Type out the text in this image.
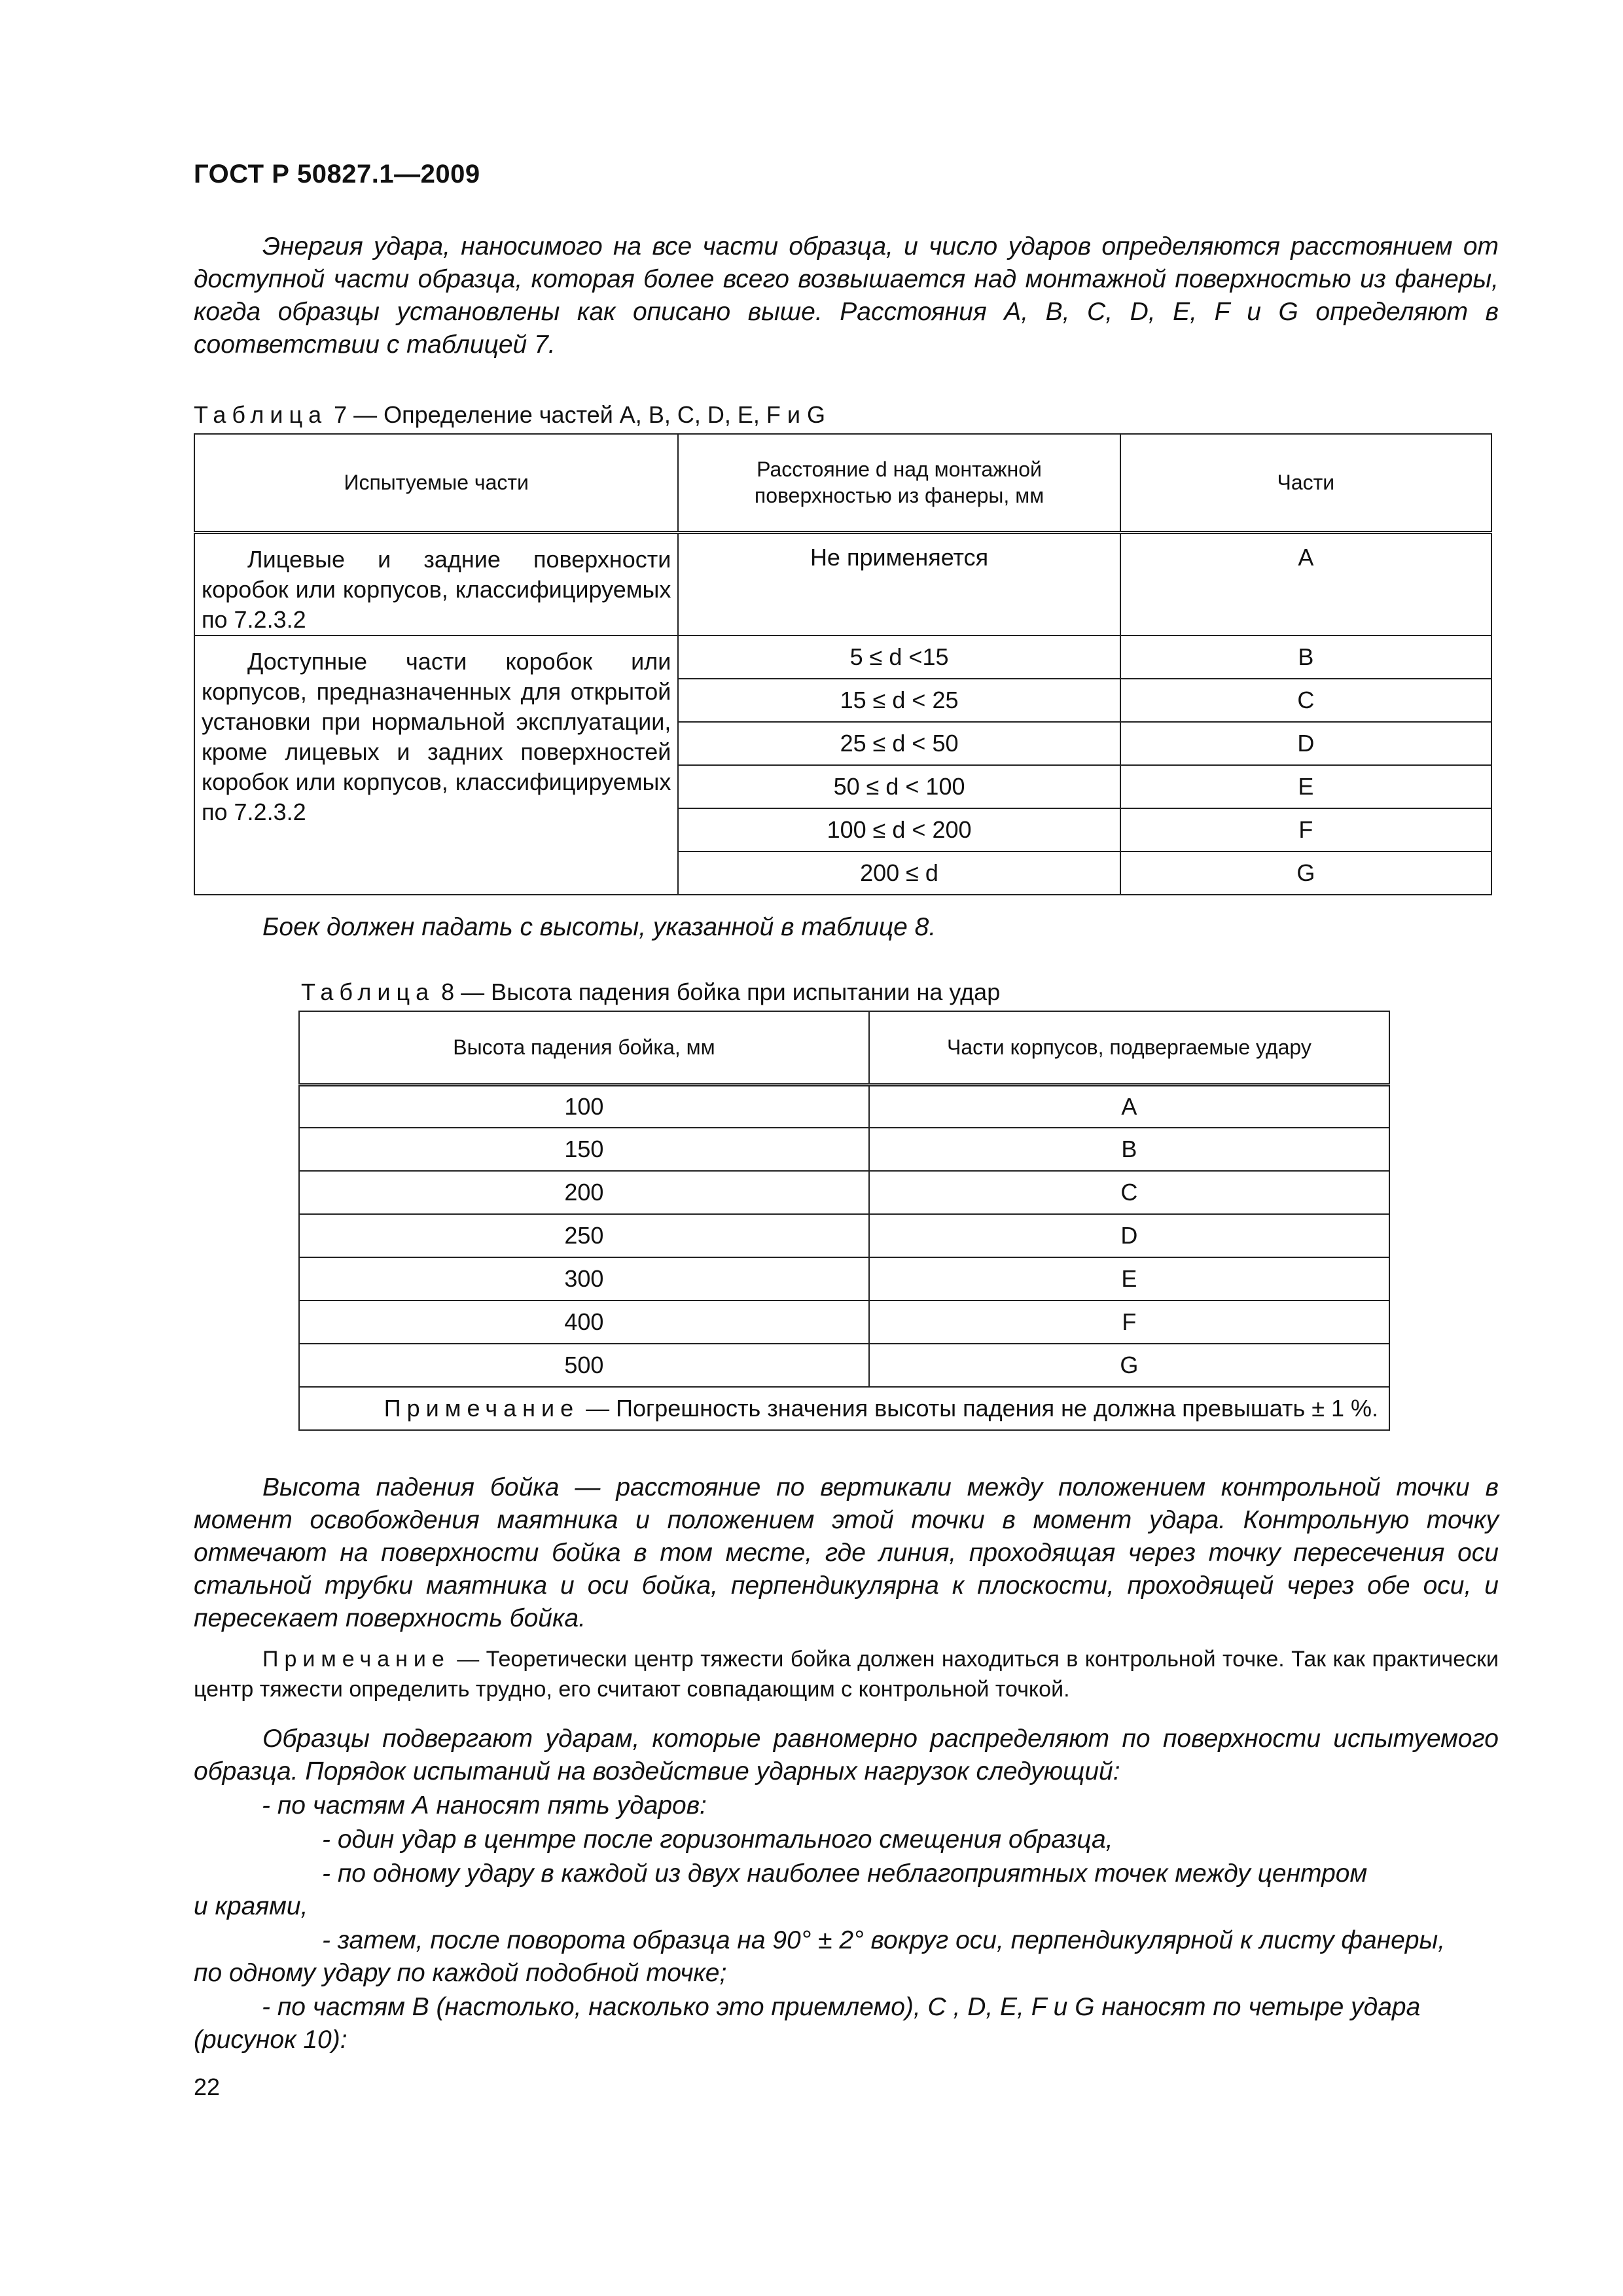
ГОСТ Р 50827.1—2009

Энергия удара, наносимого на все части образца, и число ударов определяются расстоянием от доступной части образца, которая более всего возвышается над монтажной поверхностью из фанеры, когда образцы установлены как описано выше. Расстояния A, B, C, D, E, F и G определяют в соответствии с таблицей 7.

Таблица 7 — Определение частей A, B, C, D, E, F и G
Испытуемые части	Расстояние d над монтажной поверхностью из фанеры, мм	Части
Лицевые и задние поверхности коробок или корпусов, классифицируемых по 7.2.3.2	Не применяется	A
Доступные части коробок или корпусов, предназначенных для открытой установки при нормальной эксплуатации, кроме лицевых и задних поверхностей коробок или корпусов, классифицируемых по 7.2.3.2	5 ≤ d <15	B
	15 ≤ d < 25	C
	25 ≤ d < 50	D
	50 ≤ d < 100	E
	100 ≤ d < 200	F
	200 ≤ d	G

Боек должен падать с высоты, указанной в таблице 8.

Таблица 8 — Высота падения бойка при испытании на удар
Высота падения бойка, мм	Части корпусов, подвергаемые удару
100	A
150	B
200	C
250	D
300	E
400	F
500	G
Примечание — Погрешность значения высоты падения не должна превышать ± 1 %.	

Высота падения бойка — расстояние по вертикали между положением контрольной точки в момент освобождения маятника и положением этой точки в момент удара. Контрольную точку отмечают на поверхности бойка в том месте, где линия, проходящая через точку пересечения оси стальной трубки маятника и оси бойка, перпендикулярна к плоскости, проходящей через обе оси, и пересекает поверхность бойка.

Примечание — Теоретически центр тяжести бойка должен находиться в контрольной точке. Так как практически центр тяжести определить трудно, его считают совпадающим с контрольной точкой.

Образцы подвергают ударам, которые равномерно распределяют по поверхности испытуемого образца. Порядок испытаний на воздействие ударных нагрузок следующий:

- по частям А наносят пять ударов:

- один удар в центре после горизонтального смещения образца,

- по одному удару в каждой из двух наиболее неблагоприятных точек между центром

и краями,

- затем, после поворота образца на 90° ± 2° вокруг оси, перпендикулярной к листу фанеры,

по одному удару по каждой подобной точке;

- по частям В (настолько, насколько это приемлемо), C , D, E, F и G наносят по четыре удара

(рисунок 10):

22
